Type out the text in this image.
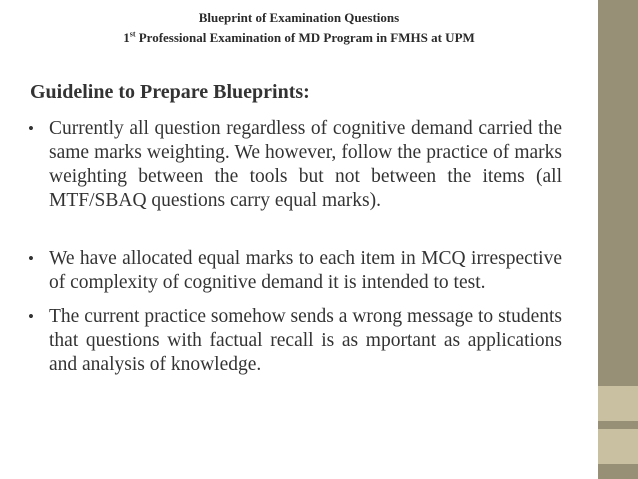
Blueprint of Examination Questions
1st Professional Examination of MD Program in FMHS at UPM
Guideline to Prepare Blueprints:
• Currently all question regardless of cognitive demand carried the same marks weighting. We however, follow the practice of marks weighting between the tools but not between the items (all MTF/SBAQ questions carry equal marks).
• We have allocated equal marks to each item in MCQ irrespective of complexity of cognitive demand it is intended to test.
• The current practice somehow sends a wrong message to students that questions with factual recall is as mportant as applications and analysis of knowledge.
